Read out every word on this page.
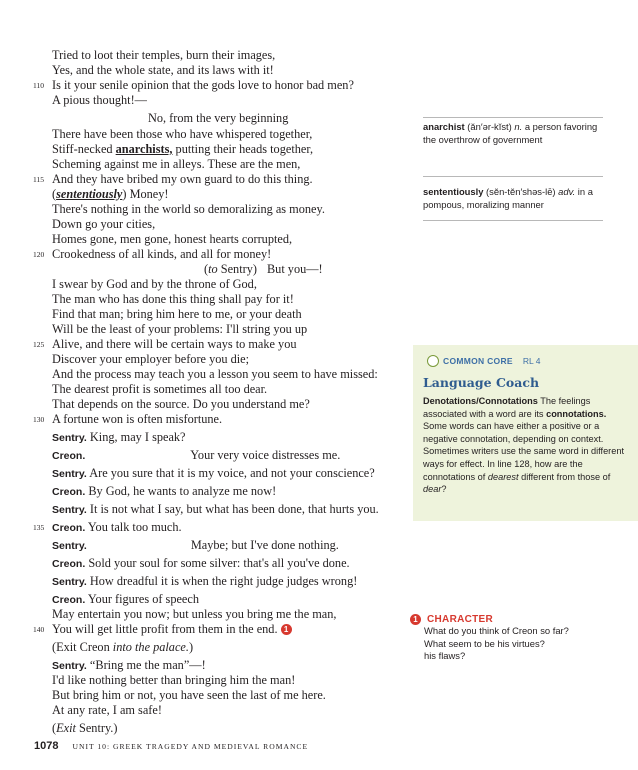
Tried to loot their temples, burn their images,
Yes, and the whole state, and its laws with it!
110 Is it your senile opinion that the gods love to honor bad men?
A pious thought!—
No, from the very beginning
There have been those who have whispered together,
Stiff-necked anarchists, putting their heads together,
Scheming against me in alleys. These are the men,
115 And they have bribed my own guard to do this thing.
(sententiously) Money!
There's nothing in the world so demoralizing as money.
Down go your cities,
Homes gone, men gone, honest hearts corrupted,
120 Crookedness of all kinds, and all for money!
(to Sentry) But you—!
I swear by God and by the throne of God,
The man who has done this thing shall pay for it!
Find that man; bring him here to me, or your death
Will be the least of your problems: I'll string you up
125 Alive, and there will be certain ways to make you
Discover your employer before you die;
And the process may teach you a lesson you seem to have missed:
The dearest profit is sometimes all too dear.
That depends on the source. Do you understand me?
130 A fortune won is often misfortune.
Sentry. King, may I speak?
Creon.	Your very voice distresses me.
Sentry. Are you sure that it is my voice, and not your conscience?
Creon. By God, he wants to analyze me now!
Sentry. It is not what I say, but what has been done, that hurts you.
135 Creon. You talk too much.
Sentry.	Maybe; but I've done nothing.
Creon. Sold your soul for some silver: that's all you've done.
Sentry. How dreadful it is when the right judge judges wrong!
Creon. Your figures of speech
May entertain you now; but unless you bring me the man,
140 You will get little profit from them in the end. 1
(Exit Creon into the palace.)
Sentry. “Bring me the man”—!
I'd like nothing better than bringing him the man!
But bring him or not, you have seen the last of me here.
At any rate, I am safe!
(Exit Sentry.)
anarchist (ăn′ər-kĭst) n. a person favoring the overthrow of government
sententiously (sĕn-tĕn′shəs-lē) adv. in a pompous, moralizing manner
COMMON CORE RL 4
Language Coach
Denotations/Connotations The feelings associated with a word are its connotations. Some words can have either a positive or a negative connotation, depending on context. Sometimes writers use the same word in different ways for effect. In line 128, how are the connotations of dearest different from those of dear?
1 CHARACTER
What do you think of Creon so far?
What seem to be his virtues?
his flaws?
1078 UNIT 10: GREEK TRAGEDY AND MEDIEVAL ROMANCE
